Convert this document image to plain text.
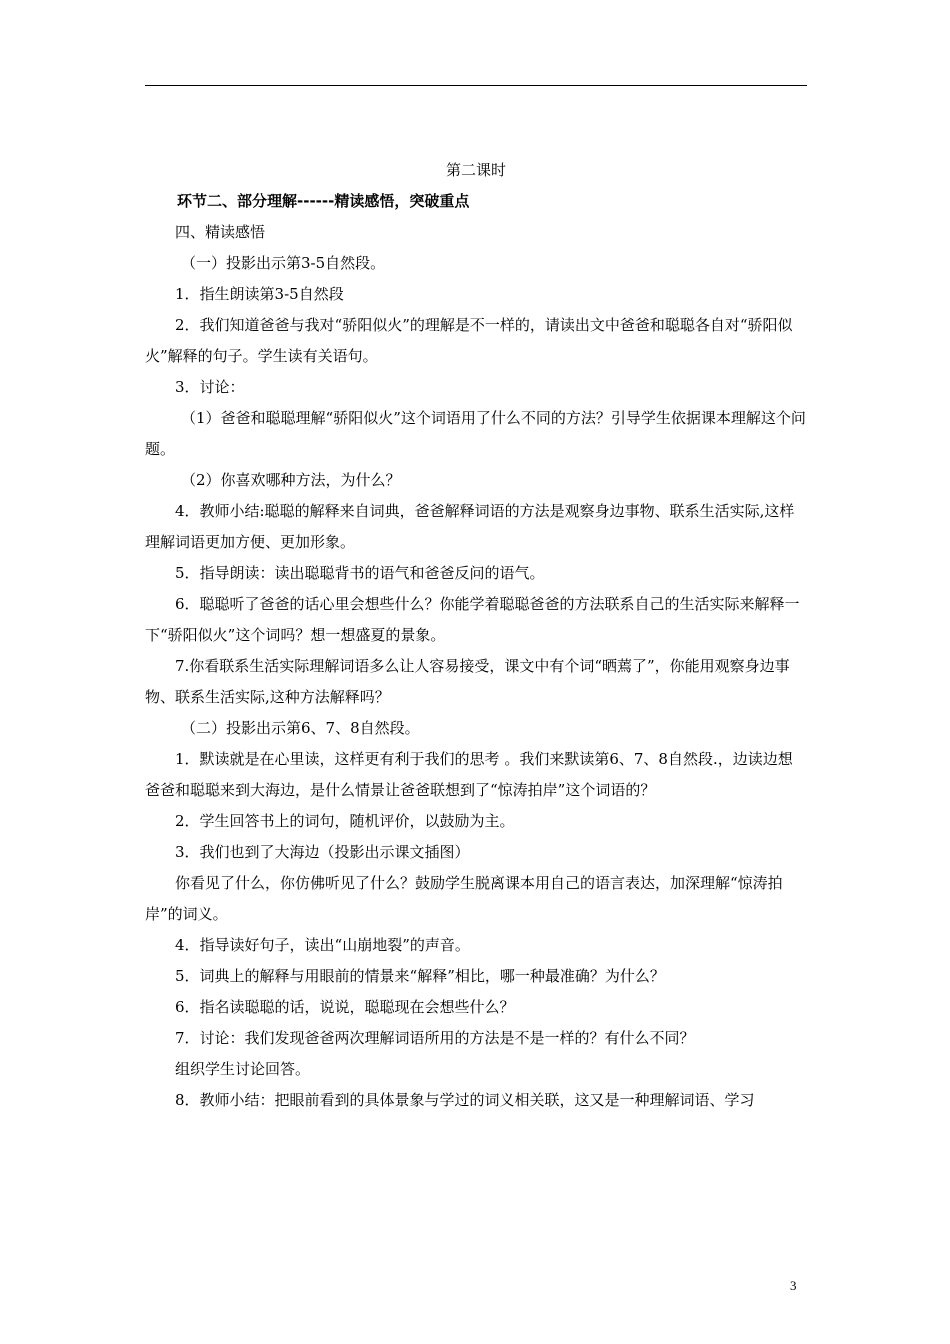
第二课时

环节二、部分理解------精读感悟，突破重点

四、精读感悟

（一）投影出示第3-5自然段。

1．指生朗读第3-5自然段

2．我们知道爸爸与我对“骄阳似火”的理解是不一样的，请读出文中爸爸和聪聪各自对“骄阳似火”解释的句子。学生读有关语句。

3．讨论：

（1）爸爸和聪聪理解“骄阳似火”这个词语用了什么不同的方法？引导学生依据课本理解这个问题。

（2）你喜欢哪种方法，为什么？

4．教师小结:聪聪的解释来自词典，爸爸解释词语的方法是观察身边事物、联系生活实际,这样理解词语更加方便、更加形象。

5．指导朗读：读出聪聪背书的语气和爸爸反问的语气。

6．聪聪听了爸爸的话心里会想些什么？你能学着聪聪爸爸的方法联系自己的生活实际来解释一下“骄阳似火”这个词吗？想一想盛夏的景象。

7.你看联系生活实际理解词语多么让人容易接受，课文中有个词“晒蔫了”，你能用观察身边事物、联系生活实际,这种方法解释吗？

（二）投影出示第6、7、8自然段。

1．默读就是在心里读，这样更有利于我们的思考 。我们来默读第6、7、8自然段.，边读边想爸爸和聪聪来到大海边，是什么情景让爸爸联想到了“惊涛拍岸”这个词语的？

2．学生回答书上的词句，随机评价，以鼓励为主。

3．我们也到了大海边（投影出示课文插图）

你看见了什么，你仿佛听见了什么？鼓励学生脱离课本用自己的语言表达，加深理解“惊涛拍岸”的词义。

4．指导读好句子，读出“山崩地裂”的声音。

5．词典上的解释与用眼前的情景来“解释”相比，哪一种最准确？为什么？

6．指名读聪聪的话，说说，聪聪现在会想些什么？

7．讨论：我们发现爸爸两次理解词语所用的方法是不是一样的？有什么不同？

组织学生讨论回答。

8．教师小结：把眼前看到的具体景象与学过的词义相关联，这又是一种理解词语、学习

3
